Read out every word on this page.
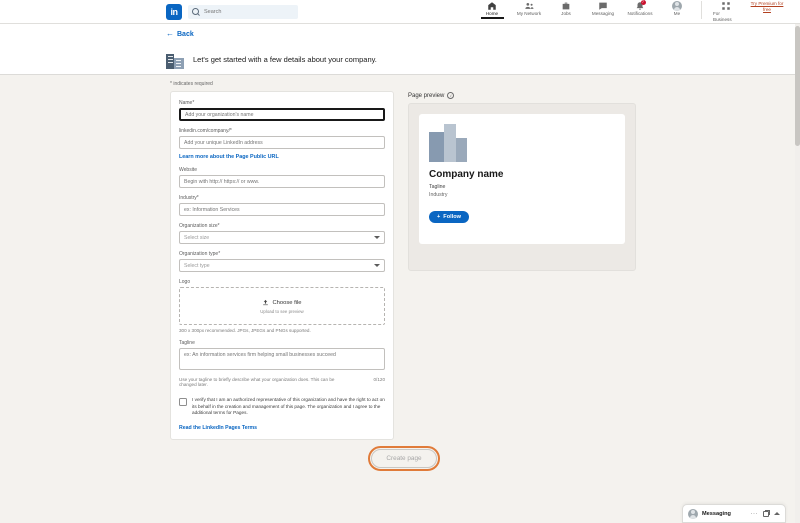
in
Search	Home	My Network	Jobs	Messaging
7
Notifications	Me	For Business
Try Premium for free
← Back
Let's get started with a few details about your company.
* indicates required
Name*
Add your organization's name
linkedin.com/company/*
Add your unique LinkedIn address
Learn more about the Page Public URL
Website
Begin with http:// https:// or www.
Industry*
ex: Information Services
Organization size*
Select size
Organization type*
Select type
Logo
Choose file
Upload to see preview
300 x 300px recommended. JPGs, JPEGs and PNGs supported.
Tagline
ex: An information services firm helping small businesses succeed
Use your tagline to briefly describe what your organization does. This can be changed later.
0/120
I verify that I am an authorized representative of this organization and have the right to act on its behalf in the creation and management of this page. The organization and I agree to the additional terms for Pages.
Read the LinkedIn Pages Terms
Page preview	i
Company name
Tagline
Industry
+ Follow
Create page
Messaging	···
